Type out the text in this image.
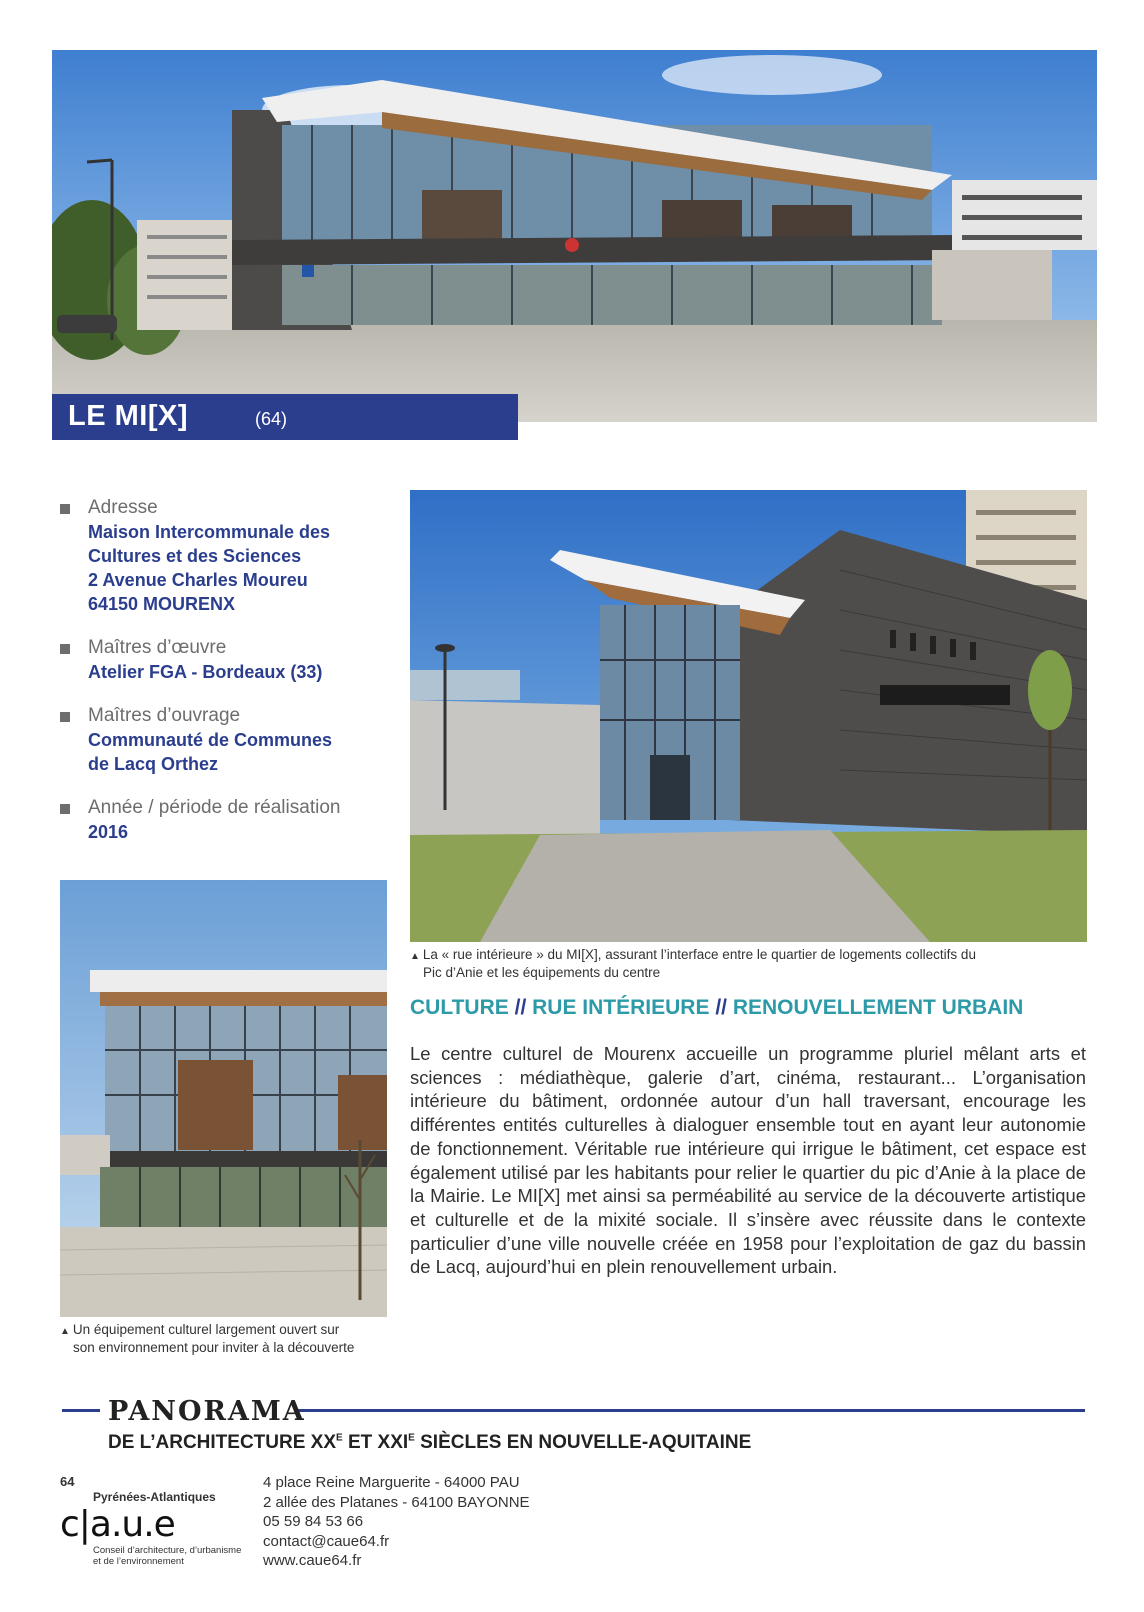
LE MI[X]	(64)
Adresse
Maison Intercommunale des
Cultures et des Sciences
2 Avenue Charles Moureu
64150 MOURENX
Maîtres d’œuvre
Atelier FGA - Bordeaux (33)
Maîtres d’ouvrage
Communauté de Communes
de Lacq Orthez
Année / période de réalisation
2016
▲ La « rue intérieure » du MI[X], assurant l’interface entre le quartier de logements collectifs du
Pic d’Anie et les équipements du centre
▲ Un équipement culturel largement ouvert sur
son environnement pour inviter à la découverte
CULTURE // RUE INTÉRIEURE // RENOUVELLEMENT URBAIN
Le centre culturel de Mourenx accueille un programme pluriel mêlant arts et sciences : médiathèque, galerie d’art, cinéma, restaurant... L’organisation intérieure du bâtiment, ordonnée autour d’un hall traversant, encourage les différentes entités culturelles à dialoguer ensemble tout en ayant leur autonomie de fonctionnement. Véritable rue intérieure qui irrigue le bâtiment, cet espace est également utilisé par les habitants pour relier le quartier du pic d’Anie à la place de la Mairie. Le MI[X] met ainsi sa perméabilité au service de la découverte artistique et culturelle et de la mixité sociale. Il s’insère avec réussite dans le contexte particulier d’une ville nouvelle créée en 1958 pour l’exploitation de gaz du bassin de Lacq, aujourd’hui en plein renouvellement urbain.
PANORAMA
DE L’ARCHITECTURE $XX^E$ ET $XXI^E$ SIÈCLES EN NOUVELLE-AQUITAINE
64
Pyrénées-Atlantiques
c|a.u.e
Conseil d’architecture, d’urbanisme
et de l’environnement
4 place Reine Marguerite - 64000 PAU
2 allée des Platanes - 64100 BAYONNE
05 59 84 53 66
contact@caue64.fr
www.caue64.fr
